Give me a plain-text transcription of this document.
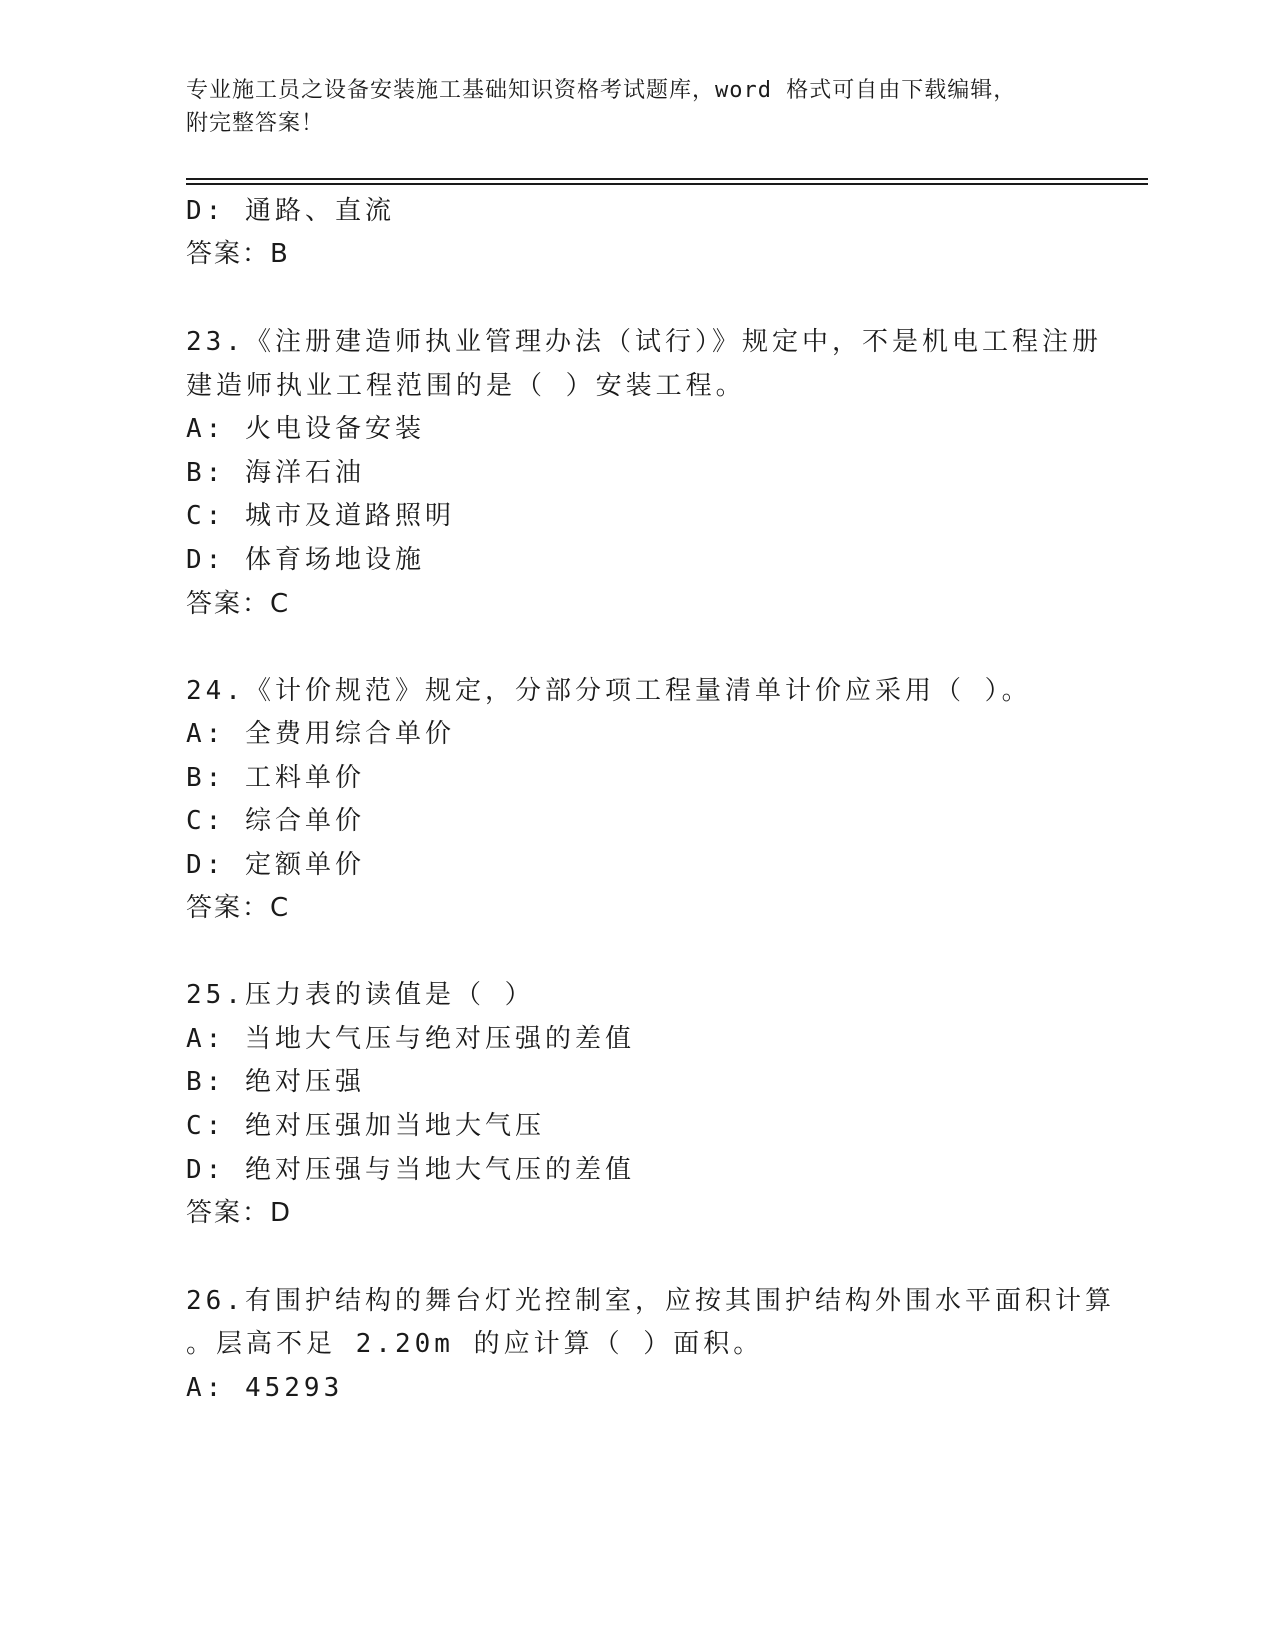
专业施工员之设备安装施工基础知识资格考试题库，word 格式可自由下载编辑，
附完整答案！
D: 通路、直流
答案：B
23.《注册建造师执业管理办法（试行）》规定中，不是机电工程注册
建造师执业工程范围的是（ ）安装工程。
A: 火电设备安装
B: 海洋石油
C: 城市及道路照明
D: 体育场地设施
答案：C
24.《计价规范》规定，分部分项工程量清单计价应采用（ ）。
A: 全费用综合单价
B: 工料单价
C: 综合单价
D: 定额单价
答案：C
25.压力表的读值是（ ）
A: 当地大气压与绝对压强的差值
B: 绝对压强
C: 绝对压强加当地大气压
D: 绝对压强与当地大气压的差值
答案：D
26.有围护结构的舞台灯光控制室，应按其围护结构外围水平面积计算
。层高不足 2.20m 的应计算（ ）面积。
A: 45293
